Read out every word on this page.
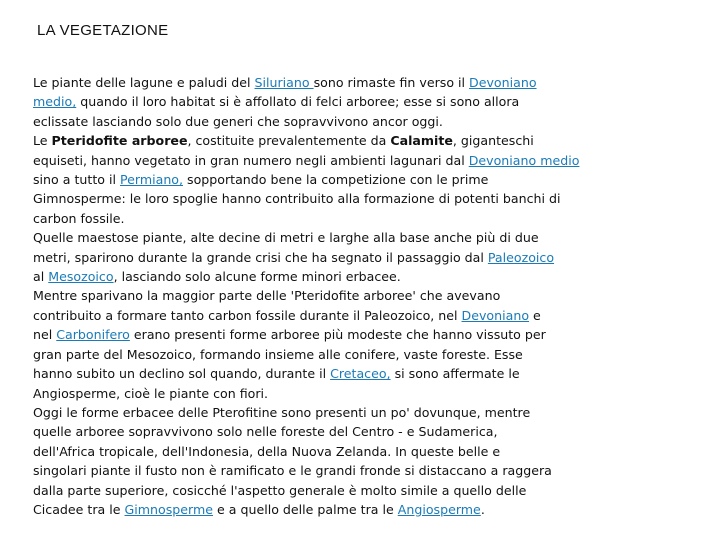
LA VEGETAZIONE
Le piante delle lagune e paludi del Siluriano sono rimaste fin verso il Devoniano
medio, quando il loro habitat si è affollato di felci arboree; esse si sono allora
eclissate lasciando solo due generi che sopravvivono ancor oggi.
Le Pteridofite arboree, costituite prevalentemente da Calamite, giganteschi
equiseti, hanno vegetato in gran numero negli ambienti lagunari dal Devoniano medio
sino a tutto il Permiano, sopportando bene la competizione con le prime
Gimnosperme: le loro spoglie hanno contribuito alla formazione di potenti banchi di
carbon fossile.
Quelle maestose piante, alte decine di metri e larghe alla base anche più di due
metri, sparirono durante la grande crisi che ha segnato il passaggio dal Paleozoico
al Mesozoico, lasciando solo alcune forme minori erbacee.
Mentre sparivano la maggior parte delle 'Pteridofite arboree' che avevano
contribuito a formare tanto carbon fossile durante il Paleozoico, nel Devoniano e
nel Carbonifero erano presenti forme arboree più modeste che hanno vissuto per
gran parte del Mesozoico, formando insieme alle conifere, vaste foreste. Esse
hanno subito un declino sol quando, durante il Cretaceo, si sono affermate le
Angiosperme, cioè le piante con fiori.
Oggi le forme erbacee delle Pterofitine sono presenti un po' dovunque, mentre
quelle arboree sopravvivono solo nelle foreste del Centro - e Sudamerica,
dell'Africa tropicale, dell'Indonesia, della Nuova Zelanda. In queste belle e
singolari piante il fusto non è ramificato e le grandi fronde si distaccano a raggera
dalla parte superiore, cosicché l'aspetto generale è molto simile a quello delle
Cicadee tra le Gimnosperme e a quello delle palme tra le Angiosperme.
